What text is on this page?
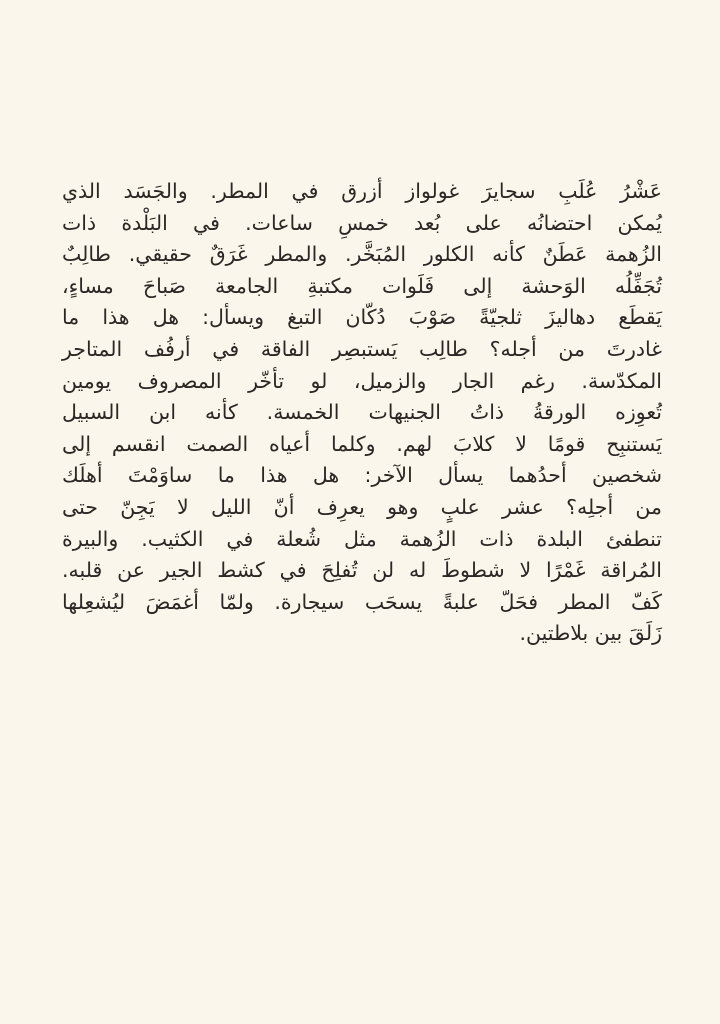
عَشْرُ عُلَبِ سجايرَ غولواز أزرق في المطر. والجَسَد الذي
يُمكن احتضانُه على بُعد خمسِ ساعات. في البَلْدة ذات
الزُهمة عَطَنٌ كأنه الكلور المُبَخَّر. والمطر غَرَقٌ حقيقي. طالِبٌ
تُجَفِّلُه الوَحشة إلى فَلَوات مكتبةِ الجامعة صَباحَ مساءٍ،
يَقطَع دهاليزَ ثلجيّةً صَوْبَ دُكّان التبغ ويسأل: هل هذا ما
غادرتَ من أجله؟ طالِب يَستبصِر الفاقة في أرفُف المتاجر
المكدّسة. رغم الجار والزميل، لو تأخّر المصروف يومين
تُعوِزه الورقةُ ذاتُ الجنيهات الخمسة. كأنه ابن السبيل
يَستنبِح قومًا لا كلابَ لهم. وكلما أعياه الصمت انقسم إلى
شخصين أحدُهما يسأل الآخر: هل هذا ما ساوَمْتَ أهلَك
من أجلِه؟ عشر علبٍ وهو يعرِف أنّ الليل لا يَجِنّ حتى
تنطفئ البلدة ذات الزُهمة مثل شُعلة في الكثيب. والبيرة
المُراقة غَمْرًا لا شطوطَ له لن تُفلِحَ في كشط الجير عن قلبه.
كَفّ المطر فحَلّ علبةً يسحَب سيجارة. ولمّا أغمَضَ ليُشعِلها
زَلَقَ بين بلاطتين.
